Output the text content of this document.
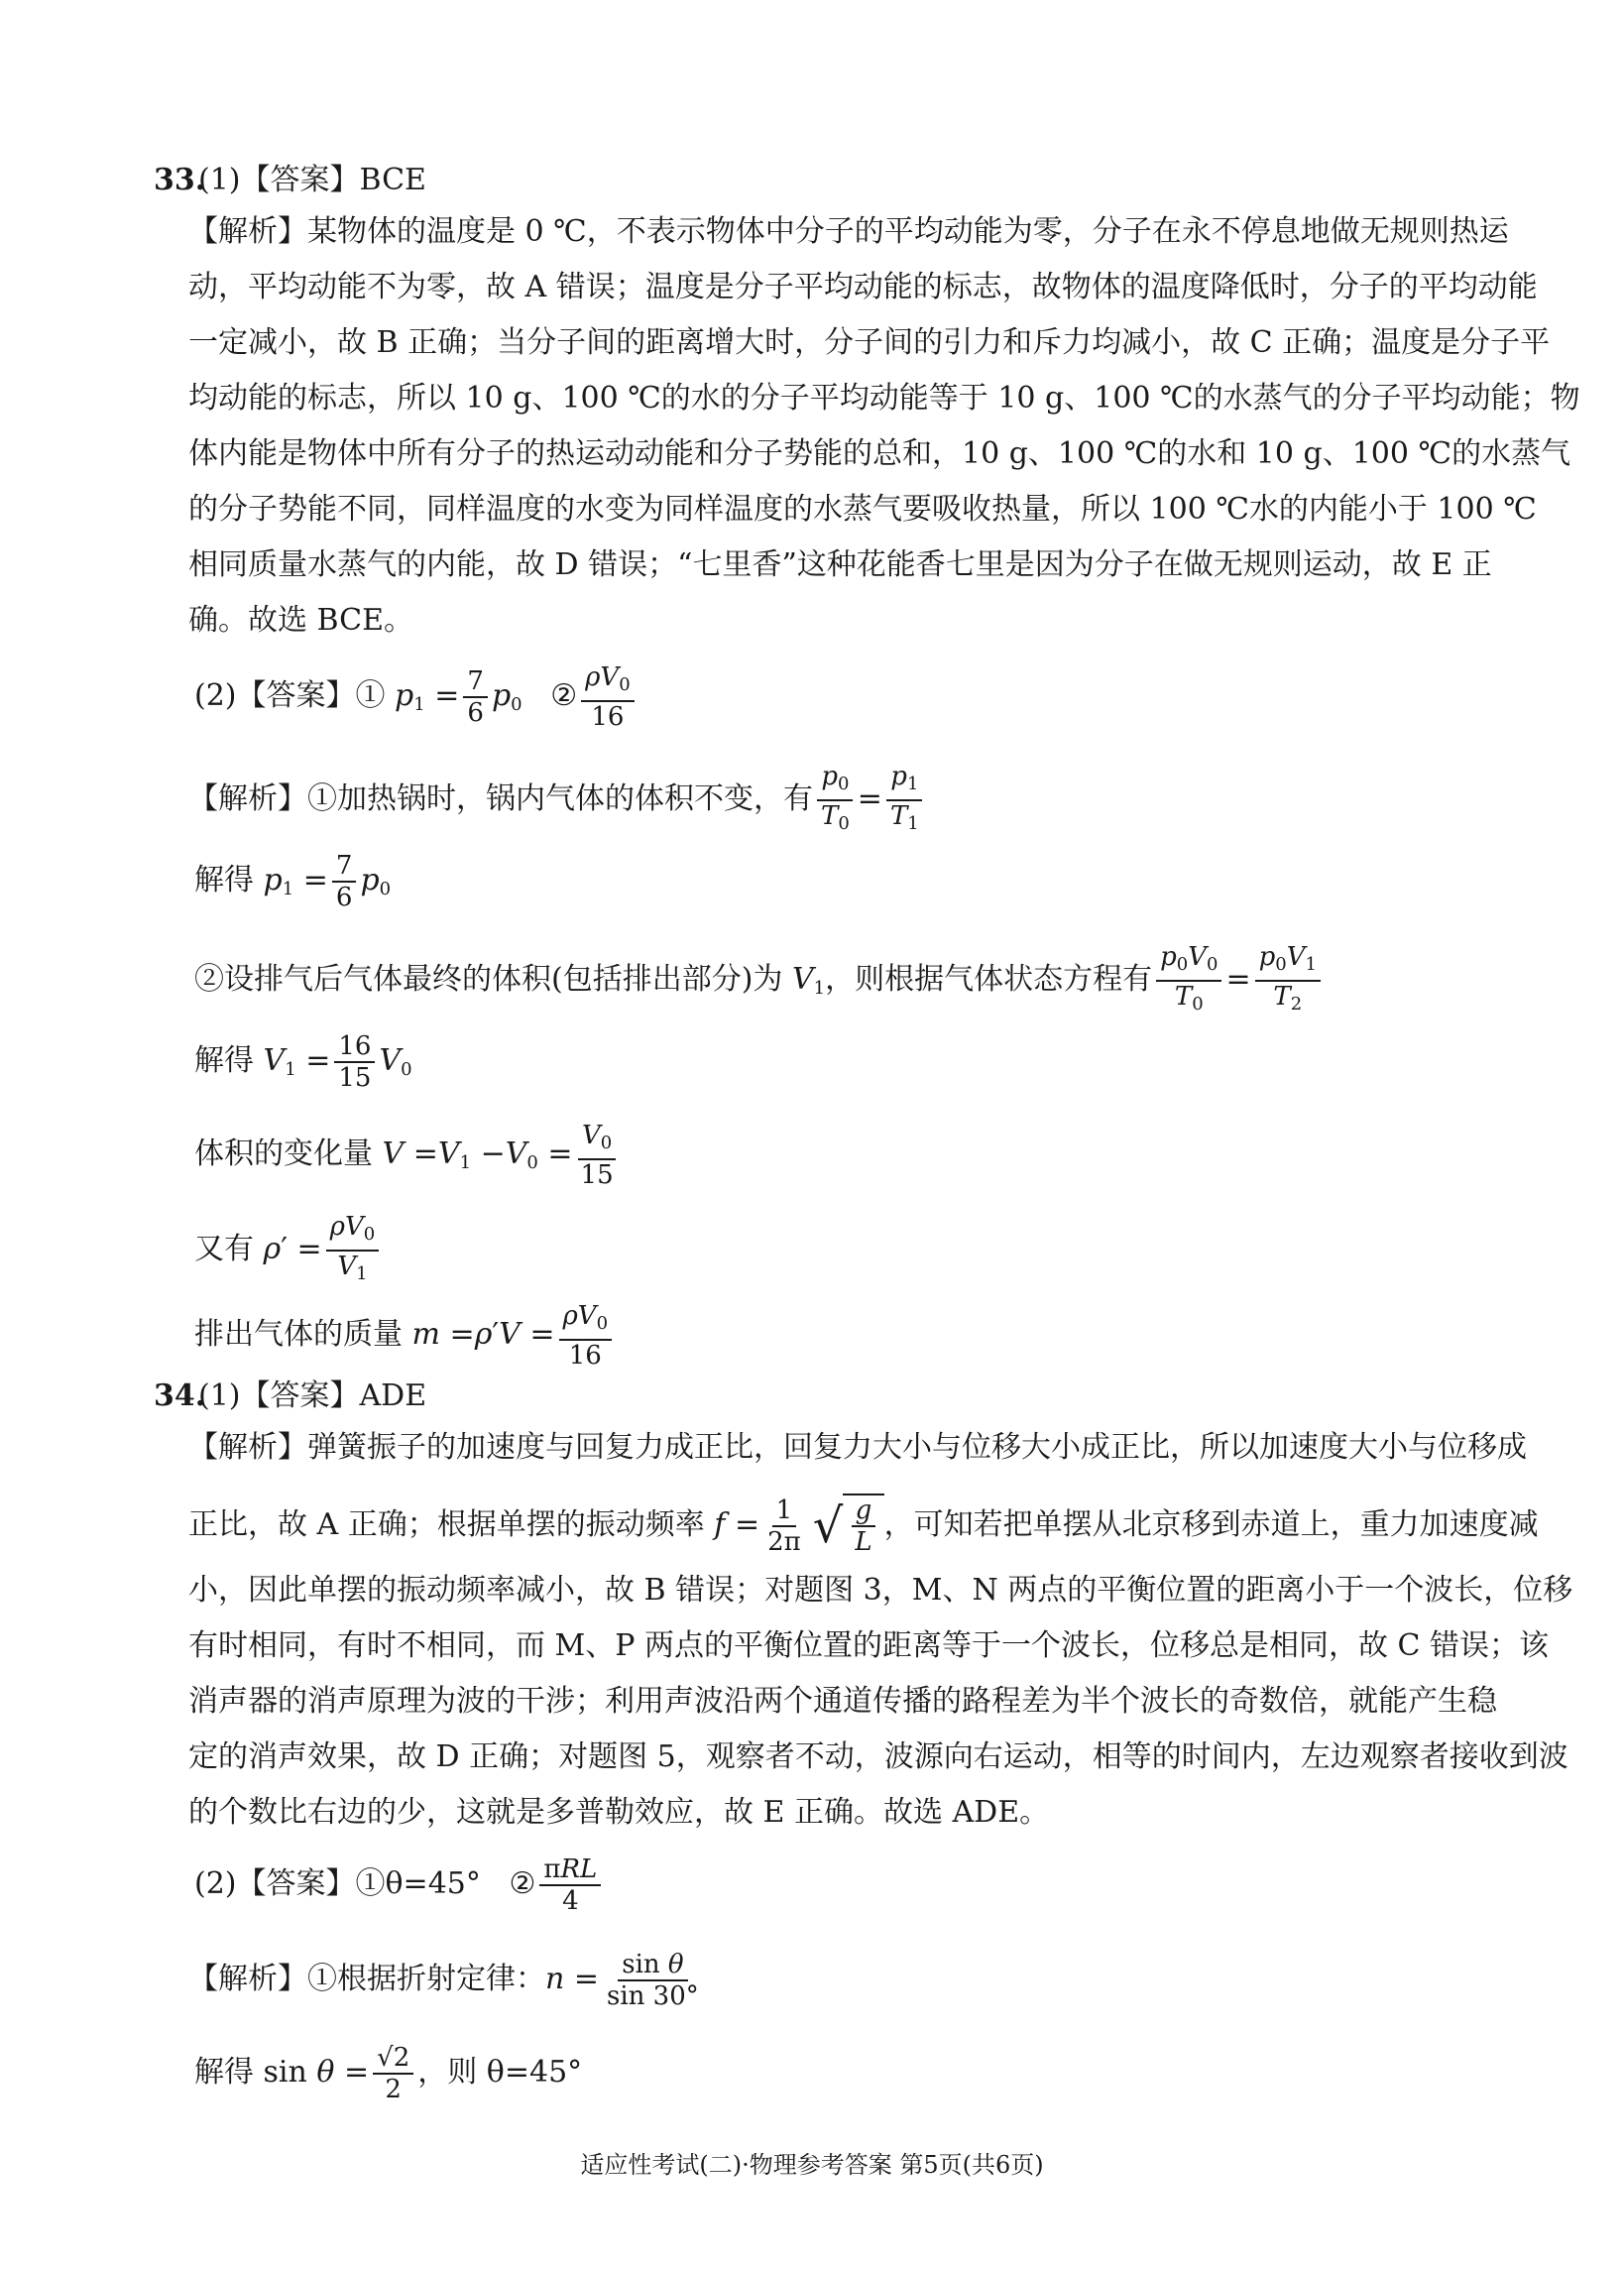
33.
(1)【答案】BCE
【解析】某物体的温度是 0 ℃，不表示物体中分子的平均动能为零，分子在永不停息地做无规则热运
动，平均动能不为零，故 A 错误；温度是分子平均动能的标志，故物体的温度降低时，分子的平均动能
一定减小，故 B 正确；当分子间的距离增大时，分子间的引力和斥力均减小，故 C 正确；温度是分子平
均动能的标志，所以 10 g、100 ℃的水的分子平均动能等于 10 g、100 ℃的水蒸气的分子平均动能；物
体内能是物体中所有分子的热运动动能和分子势能的总和，10 g、100 ℃的水和 10 g、100 ℃的水蒸气
的分子势能不同，同样温度的水变为同样温度的水蒸气要吸收热量，所以 100 ℃水的内能小于 100 ℃
相同质量水蒸气的内能，故 D 错误；“七里香”这种花能香七里是因为分子在做无规则运动，故 E 正
确。故选 BCE。
(2)【答案】① $p_1 = \frac{7}{6} p_0$ ② $\frac{\rho V_0}{16}$
【解析】①加热锅时，锅内气体的体积不变，有 $\frac{p_0}{T_0} = \frac{p_1}{T_1}$
解得 $p_1 = \frac{7}{6} p_0$
②设排气后气体最终的体积(包括排出部分)为 $V_1$，则根据气体状态方程有 $\frac{p_0V_0}{T_0} = \frac{p_0V_1}{T_2}$
解得 $V_1 = \frac{16}{15} V_0$
体积的变化量 $V =V_1 -V_0 = \frac{V_0}{15}$
又有 $\rho' = \frac{\rho V_0}{V_1}$
排出气体的质量 $m =\rho'V = \frac{\rho V_0}{16}$
34.
(1)【答案】ADE
【解析】弹簧振子的加速度与回复力成正比，回复力大小与位移大小成正比，所以加速度大小与位移成
正比，故 A 正确；根据单摆的振动频率 $f = \frac{1}{2\pi}$ √ $\frac{g}{L}$ ，可知若把单摆从北京移到赤道上，重力加速度减
小，因此单摆的振动频率减小，故 B 错误；对题图 3，M、N 两点的平衡位置的距离小于一个波长，位移
有时相同，有时不相同，而 M、P 两点的平衡位置的距离等于一个波长，位移总是相同，故 C 错误；该
消声器的消声原理为波的干涉；利用声波沿两个通道传播的路程差为半个波长的奇数倍，就能产生稳
定的消声效果，故 D 正确；对题图 5，观察者不动，波源向右运动，相等的时间内，左边观察者接收到波
的个数比右边的少，这就是多普勒效应，故 E 正确。故选 ADE。
(2)【答案】①θ=45° ② $\frac{\text{πRL}}{4}$
【解析】①根据折射定律：$n = \frac{\text{sin θ}}{\sin 30^\circ}$
解得 $\sin \theta = \frac{√2}{2}$ ，则 θ=45°
适应性考试(二)·物理参考答案 第5页(共6页)
